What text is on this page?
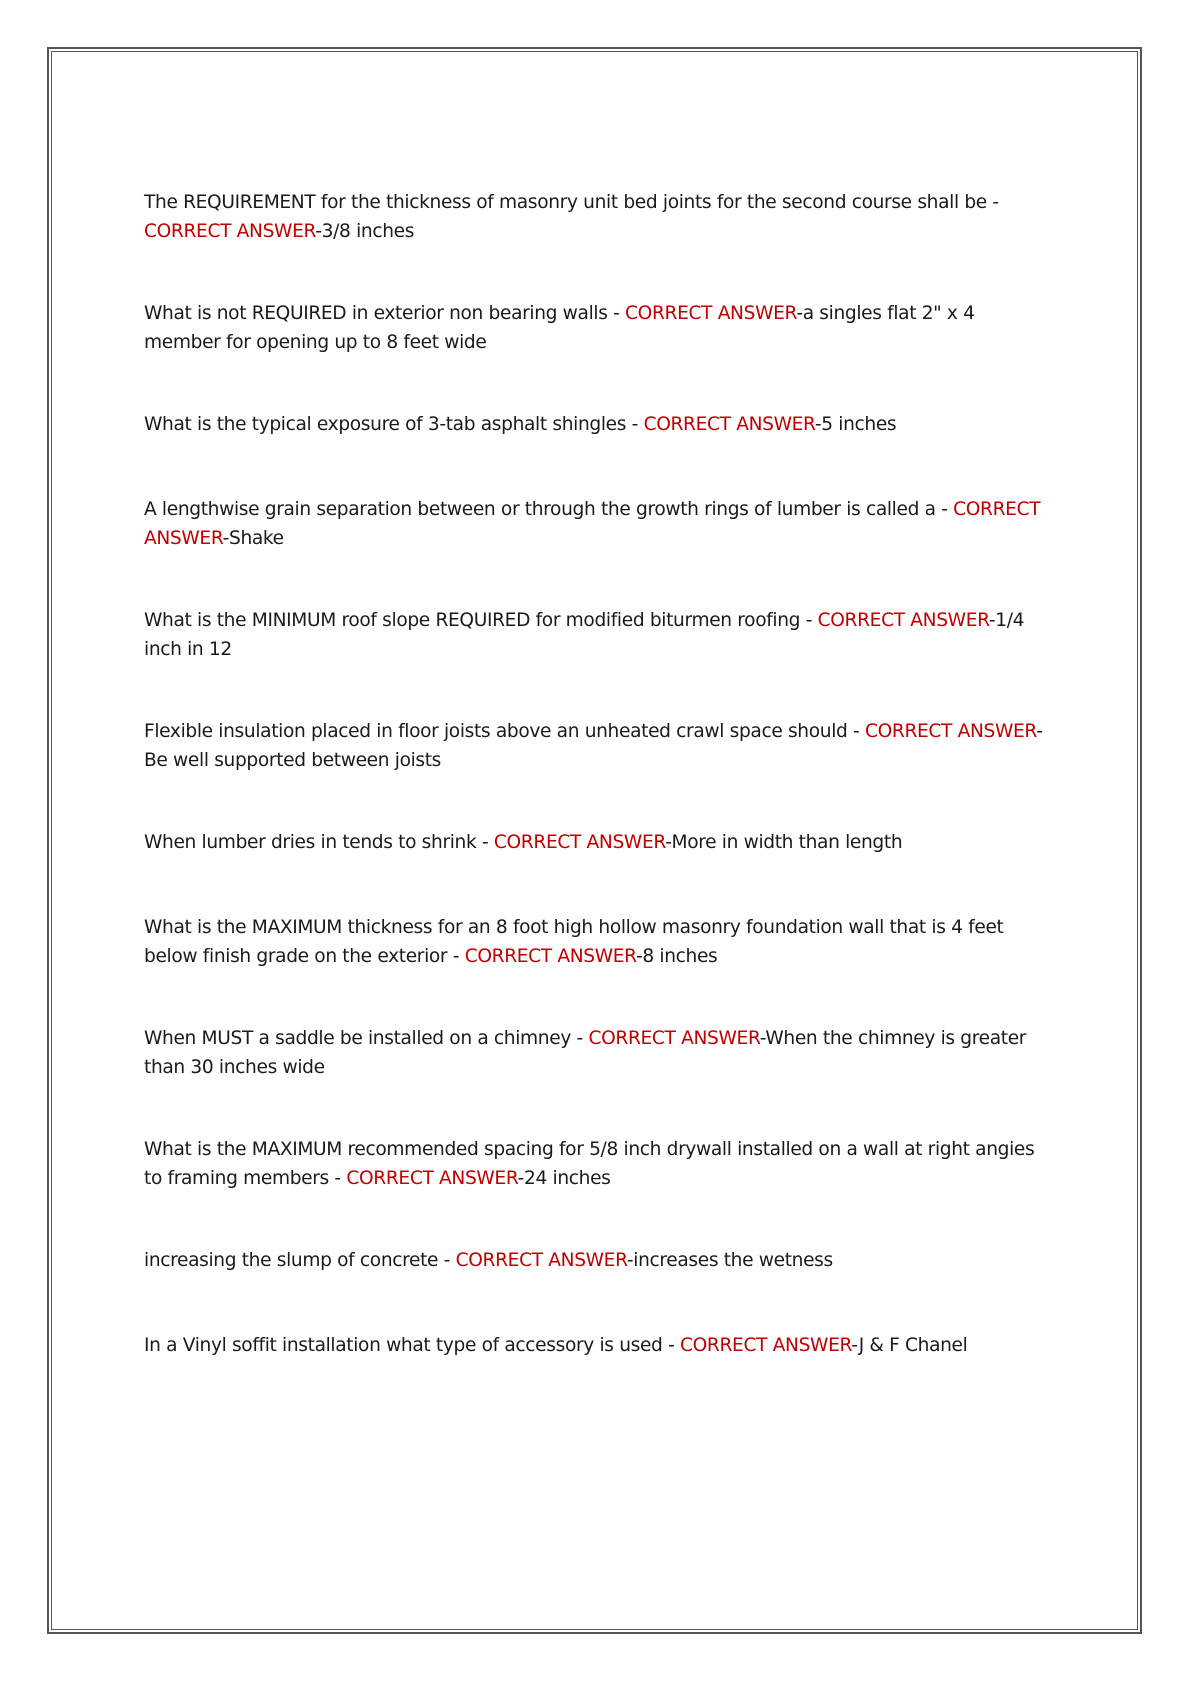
The REQUIREMENT for the thickness of masonry unit bed joints for the second course shall be - CORRECT ANSWER-3/8 inches
What is not REQUIRED in exterior non bearing walls - CORRECT ANSWER-a singles flat 2" x 4 member for opening up to 8 feet wide
What is the typical exposure of 3-tab asphalt shingles - CORRECT ANSWER-5 inches
A lengthwise grain separation between or through the growth rings of lumber is called a - CORRECT ANSWER-Shake
What is the MINIMUM roof slope REQUIRED for modified biturmen roofing - CORRECT ANSWER-1/4 inch in 12
Flexible insulation placed in floor joists above an unheated crawl space should - CORRECT ANSWER-Be well supported between joists
When lumber dries in tends to shrink - CORRECT ANSWER-More in width than length
What is the MAXIMUM thickness for an 8 foot high hollow masonry foundation wall that is 4 feet below finish grade on the exterior - CORRECT ANSWER-8 inches
When MUST a saddle be installed on a chimney - CORRECT ANSWER-When the chimney is greater than 30 inches wide
What is the MAXIMUM recommended spacing for 5/8 inch drywall installed on a wall at right angies to framing members - CORRECT ANSWER-24 inches
increasing the slump of concrete - CORRECT ANSWER-increases the wetness
In a Vinyl soffit installation what type of accessory is used - CORRECT ANSWER-J & F Chanel
